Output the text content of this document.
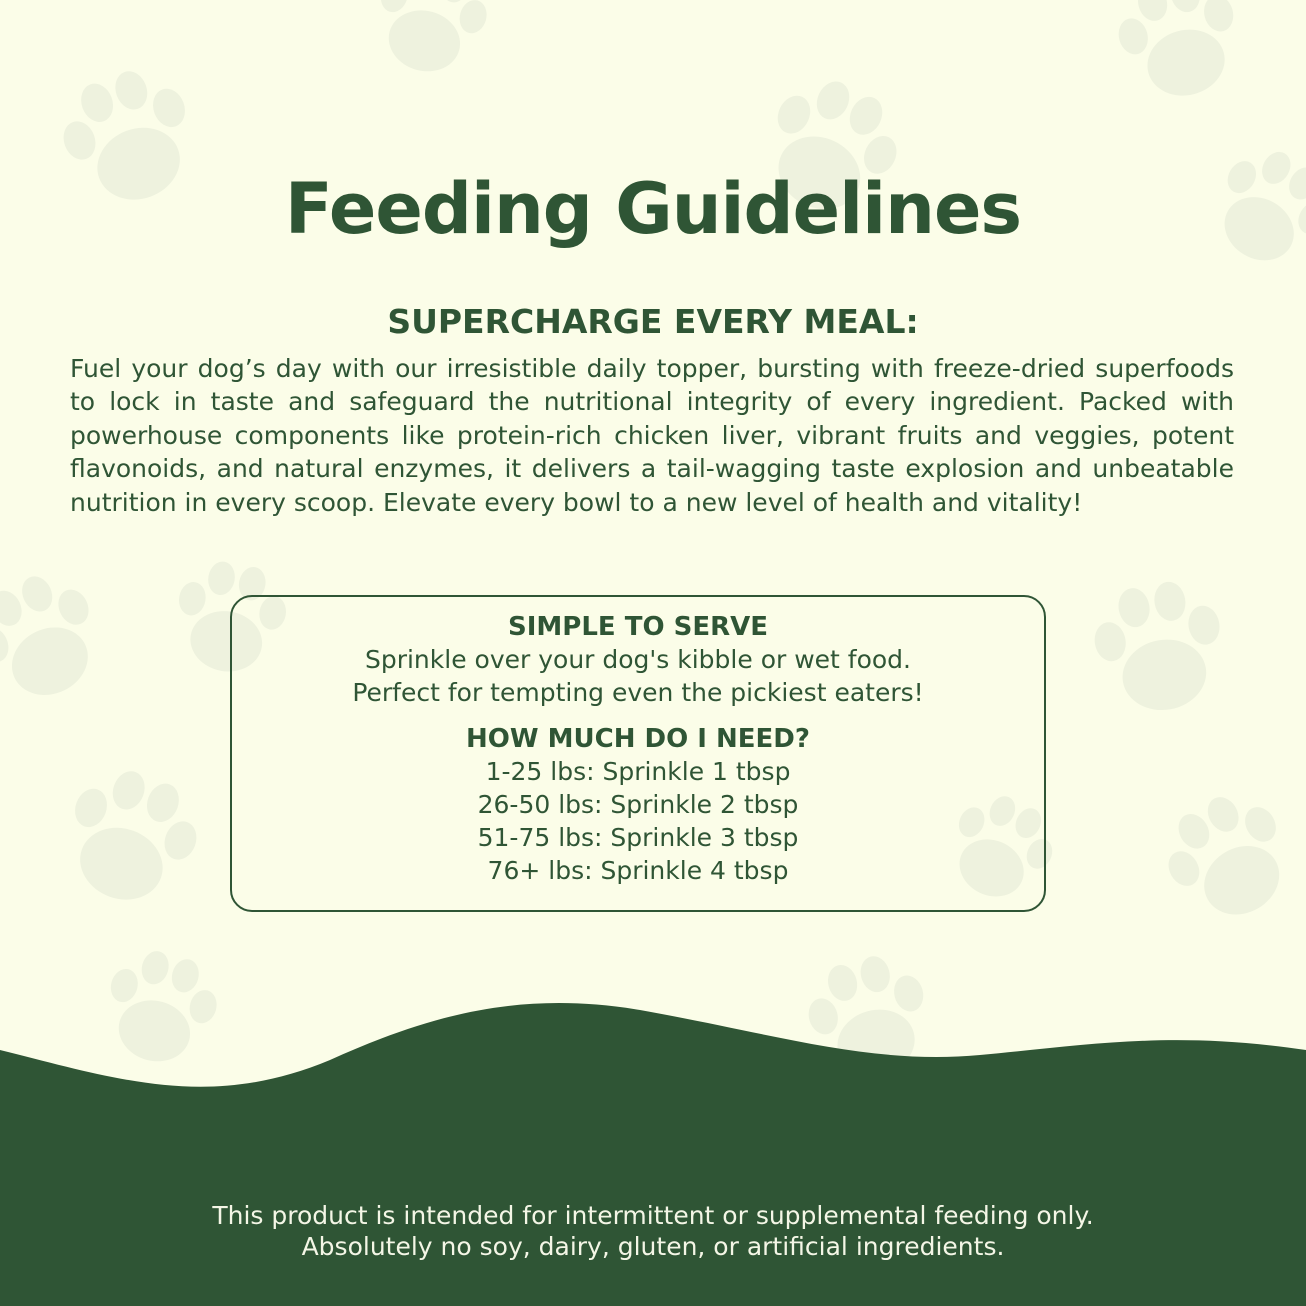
Feeding Guidelines
SUPERCHARGE EVERY MEAL:
Fuel your dog’s day with our irresistible daily topper, bursting with freeze-dried superfoods to lock in taste and safeguard the nutritional integrity of every ingredient. Packed with powerhouse components like protein-rich chicken liver, vibrant fruits and veggies, potent flavonoids, and natural enzymes, it delivers a tail-wagging taste explosion and unbeatable nutrition in every scoop. Elevate every bowl to a new level of health and vitality!
SIMPLE TO SERVE
Sprinkle over your dog's kibble or wet food.
Perfect for tempting even the pickiest eaters!
HOW MUCH DO I NEED?
1-25 lbs: Sprinkle 1 tbsp
26-50 lbs: Sprinkle 2 tbsp
51-75 lbs: Sprinkle 3 tbsp
76+ lbs: Sprinkle 4 tbsp
This product is intended for intermittent or supplemental feeding only.
Absolutely no soy, dairy, gluten, or artificial ingredients.
